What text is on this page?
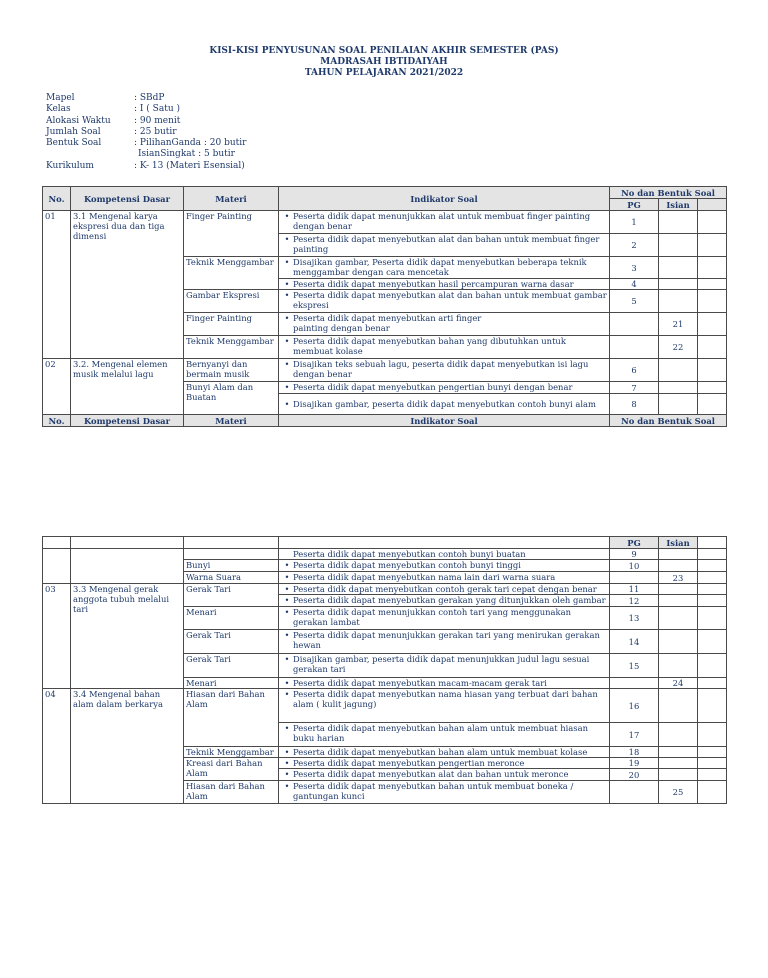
KISI-KISI PENYUSUNAN SOAL PENILAIAN AKHIR SEMESTER (PAS)
MADRASAH IBTIDAIYAH
TAHUN PELAJARAN 2021/2022
Mapel	: SBdP
Kelas	: I ( Satu )
Alokasi Waktu	: 90 menit
Jumlah Soal	: 25 butir
Bentuk Soal	: PilihanGanda : 20 butir
IsianSingkat : 5 butir
Kurikulum	: K- 13 (Materi Esensial)
No.	Kompetensi Dasar	Materi	Indikator Soal	No dan Bentuk Soal		
				PG	Isian	
01	3.1 Mengenal karya ekspresi dua dan tiga dimensi	Finger Painting	• Peserta didik dapat menunjukkan alat untuk membuat finger painting dengan benar	1		

			• Peserta didik dapat menyebutkan alat dan bahan untuk membuat finger painting	2		
		Teknik Menggambar	• Disajikan gambar, Peserta didik dapat menyebutkan beberapa teknik menggambar dengan cara mencetak	3		

			• Peserta didik dapat menyebutkan hasil percampuran warna dasar	4		
		Gambar Ekspresi	• Peserta didik dapat menyebutkan alat dan bahan untuk membuat gambar ekspresi	5		
		Finger Painting	• Peserta didik dapat menyebutkan arti finger painting dengan benar		21	
		Teknik Menggambar	• Peserta didik dapat menyebutkan bahan yang dibutuhkan untuk membuat kolase		22	
02	3.2. Mengenal elemen musik melalui lagu	Bernyanyi dan bermain musik	• Disajikan teks sebuah lagu, peserta didik dapat menyebutkan isi lagu dengan benar	6		
		Bunyi Alam dan Buatan	• Peserta didik dapat menyebutkan pengertian bunyi dengan benar	7		

			• Disajikan gambar, peserta didik dapat menyebutkan contoh bunyi alam	8		
No.	Kompetensi Dasar	Materi	Indikator Soal	No dan Bentuk Soal		
				PG	Isian	

			Peserta didik dapat menyebutkan contoh bunyi buatan	9		
		Bunyi	• Peserta didik dapat menyebutkan contoh bunyi tinggi	10		
		Warna Suara	• Peserta didik dapat menyebutkan nama lain dari warna suara		23	
03	3.3 Mengenal gerak anggota tubuh melalui tari	Gerak Tari	• Peserta didk dapat menyebutkan contoh gerak tari cepat dengan benar	11		

			• Peserta didik dapat menyebutkan gerakan yang ditunjukkan oleh gambar	12		
		Menari	• Peserta didik dapat menunjukkan contoh tari yang menggunakan gerakan lambat	13		
		Gerak Tari	• Peserta didik dapat menunjukkan gerakan tari yang menirukan gerakan hewan	14		
		Gerak Tari	• Disajikan gambar, peserta didik dapat menunjukkan judul lagu sesuai gerakan tari	15		
		Menari	• Peserta didik dapat menyebutkan macam-macam gerak tari		24	
04	3.4 Mengenal bahan alam dalam berkarya	Hiasan dari Bahan Alam	• Peserta didik dapat menyebutkan nama hiasan yang terbuat dari bahan alam ( kulit jagung)	16		

			• Peserta didik dapat menyebutkan bahan alam untuk membuat hiasan buku harian	17		
		Teknik Menggambar	• Peserta didik dapat menyebutkan bahan alam untuk membuat kolase	18		
		Kreasi dari Bahan Alam	• Peserta didik dapat menyebutkan pengertian meronce	19		

			• Peserta didik dapat menyebutkan alat dan bahan untuk meronce	20		
		Hiasan dari Bahan Alam	• Peserta didik dapat menyebutkan bahan untuk membuat boneka / gantungan kunci		25	
